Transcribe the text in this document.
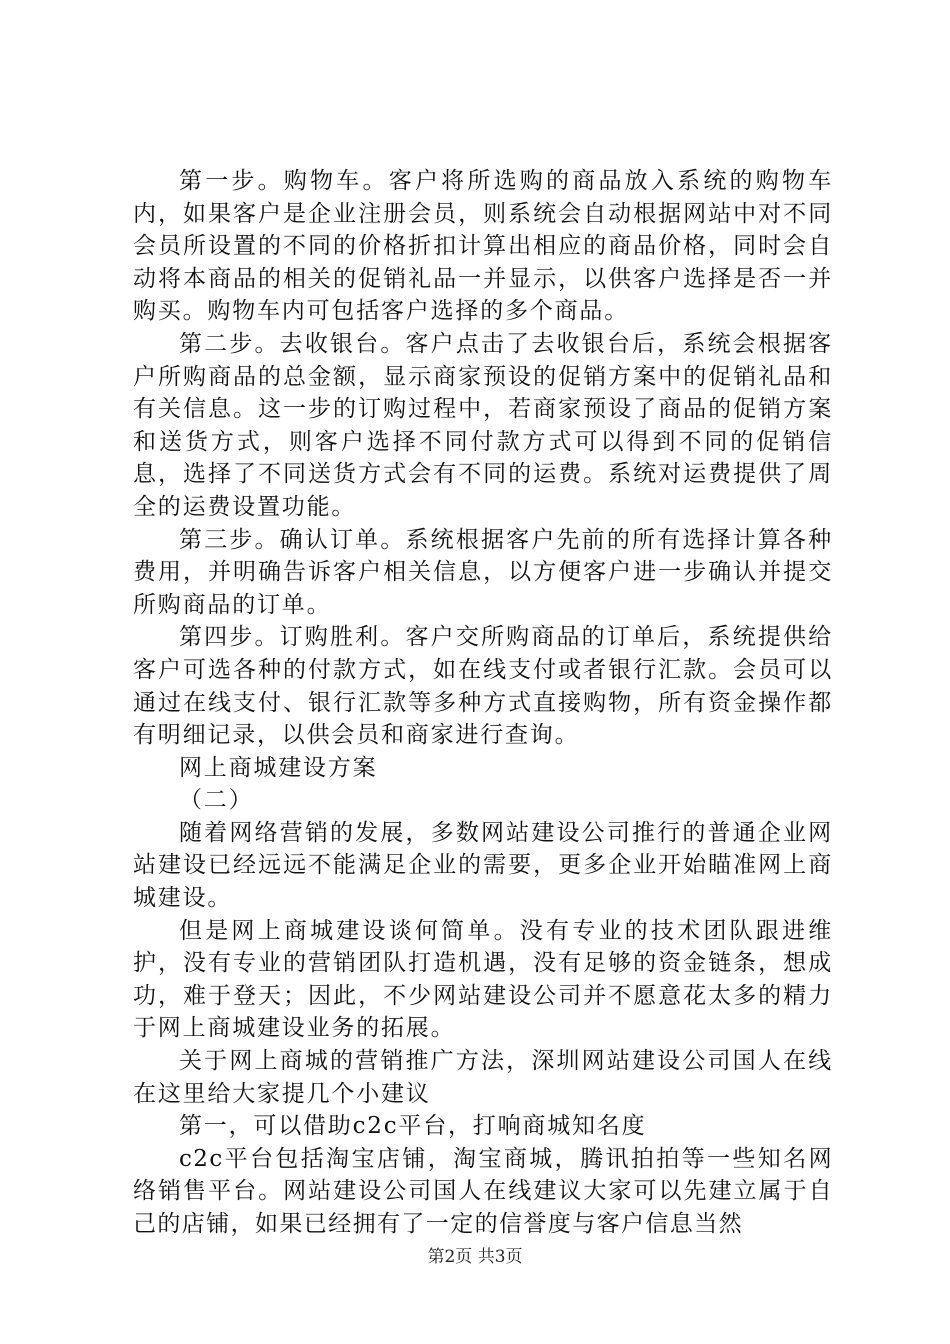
第一步。购物车。客户将所选购的商品放入系统的购物车内，如果客户是企业注册会员，则系统会自动根据网站中对不同会员所设置的不同的价格折扣计算出相应的商品价格，同时会自动将本商品的相关的促销礼品一并显示，以供客户选择是否一并购买。购物车内可包括客户选择的多个商品。

第二步。去收银台。客户点击了去收银台后，系统会根据客户所购商品的总金额，显示商家预设的促销方案中的促销礼品和有关信息。这一步的订购过程中，若商家预设了商品的促销方案和送货方式，则客户选择不同付款方式可以得到不同的促销信息，选择了不同送货方式会有不同的运费。系统对运费提供了周全的运费设置功能。

第三步。确认订单。系统根据客户先前的所有选择计算各种费用，并明确告诉客户相关信息，以方便客户进一步确认并提交所购商品的订单。

第四步。订购胜利。客户交所购商品的订单后，系统提供给客户可选各种的付款方式，如在线支付或者银行汇款。会员可以通过在线支付、银行汇款等多种方式直接购物，所有资金操作都有明细记录，以供会员和商家进行查询。

网上商城建设方案

（二）

随着网络营销的发展，多数网站建设公司推行的普通企业网站建设已经远远不能满足企业的需要，更多企业开始瞄准网上商城建设。

但是网上商城建设谈何简单。没有专业的技术团队跟进维护，没有专业的营销团队打造机遇，没有足够的资金链条，想成功，难于登天；因此，不少网站建设公司并不愿意花太多的精力于网上商城建设业务的拓展。

关于网上商城的营销推广方法，深圳网站建设公司国人在线在这里给大家提几个小建议

第一，可以借助c2c平台，打响商城知名度

c2c平台包括淘宝店铺，淘宝商城，腾讯拍拍等一些知名网络销售平台。网站建设公司国人在线建议大家可以先建立属于自己的店铺，如果已经拥有了一定的信誉度与客户信息当然

第2页 共3页
